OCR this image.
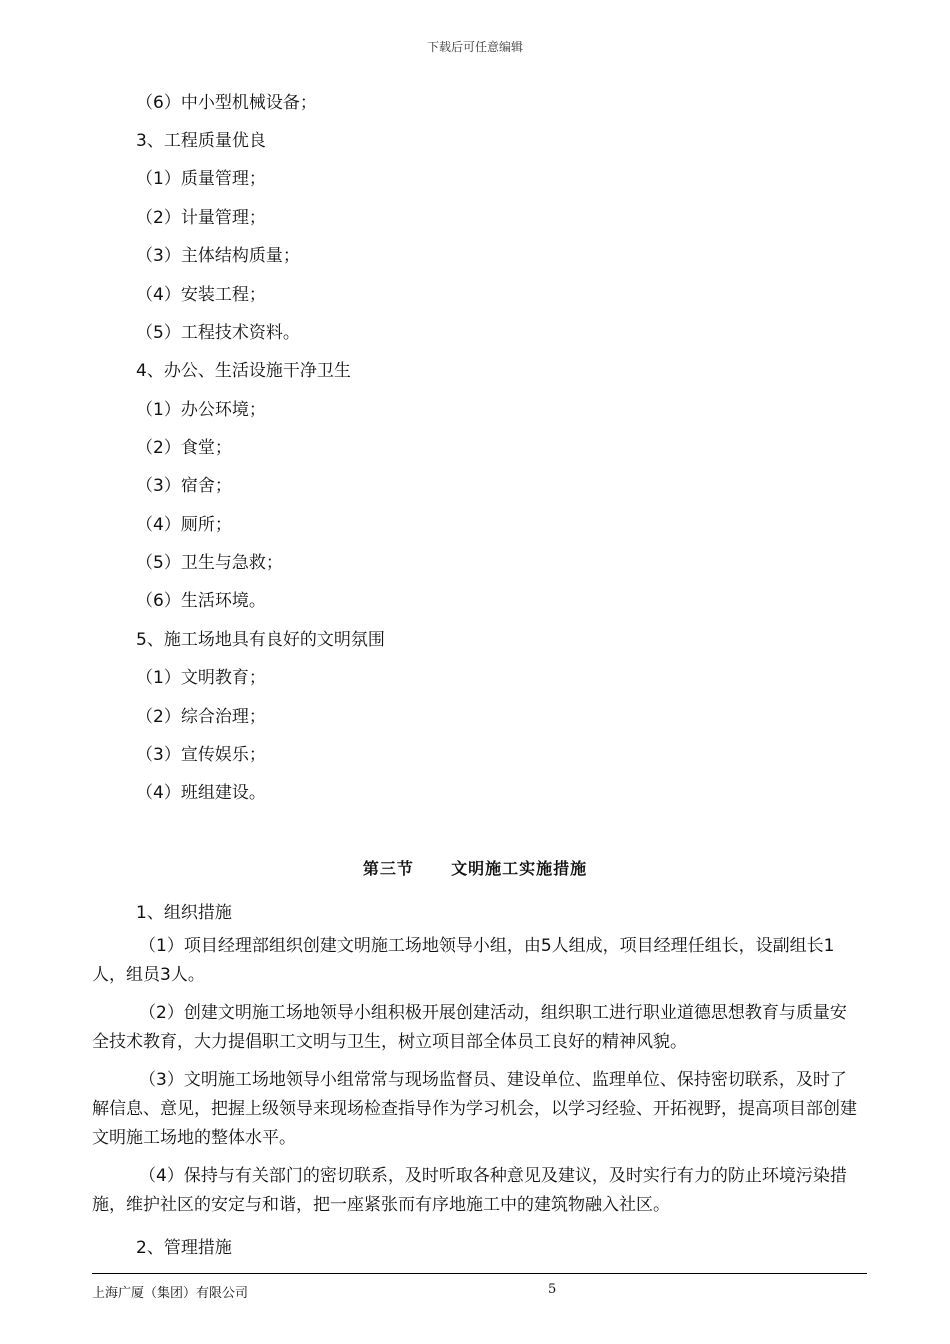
下载后可任意编辑
（6）中小型机械设备；
3、工程质量优良
（1）质量管理；
（2）计量管理；
（3）主体结构质量；
（4）安装工程；
（5）工程技术资料。
4、办公、生活设施干净卫生
（1）办公环境；
（2）食堂；
（3）宿舍；
（4）厕所；
（5）卫生与急救；
（6）生活环境。
5、施工场地具有良好的文明氛围
（1）文明教育；
（2）综合治理；
（3）宣传娱乐；
（4）班组建设。
第三节 文明施工实施措施
1、组织措施

（1）项目经理部组织创建文明施工场地领导小组，由5人组成，项目经理任组长，设副组长1人，组员3人。

（2）创建文明施工场地领导小组积极开展创建活动，组织职工进行职业道德思想教育与质量安全技术教育，大力提倡职工文明与卫生，树立项目部全体员工良好的精神风貌。

（3）文明施工场地领导小组常常与现场监督员、建设单位、监理单位、保持密切联系，及时了解信息、意见，把握上级领导来现场检查指导作为学习机会，以学习经验、开拓视野，提高项目部创建文明施工场地的整体水平。

（4）保持与有关部门的密切联系，及时听取各种意见及建议，及时实行有力的防止环境污染措施，维护社区的安定与和谐，把一座紧张而有序地施工中的建筑物融入社区。

2、管理措施
上海广厦（集团）有限公司	5
